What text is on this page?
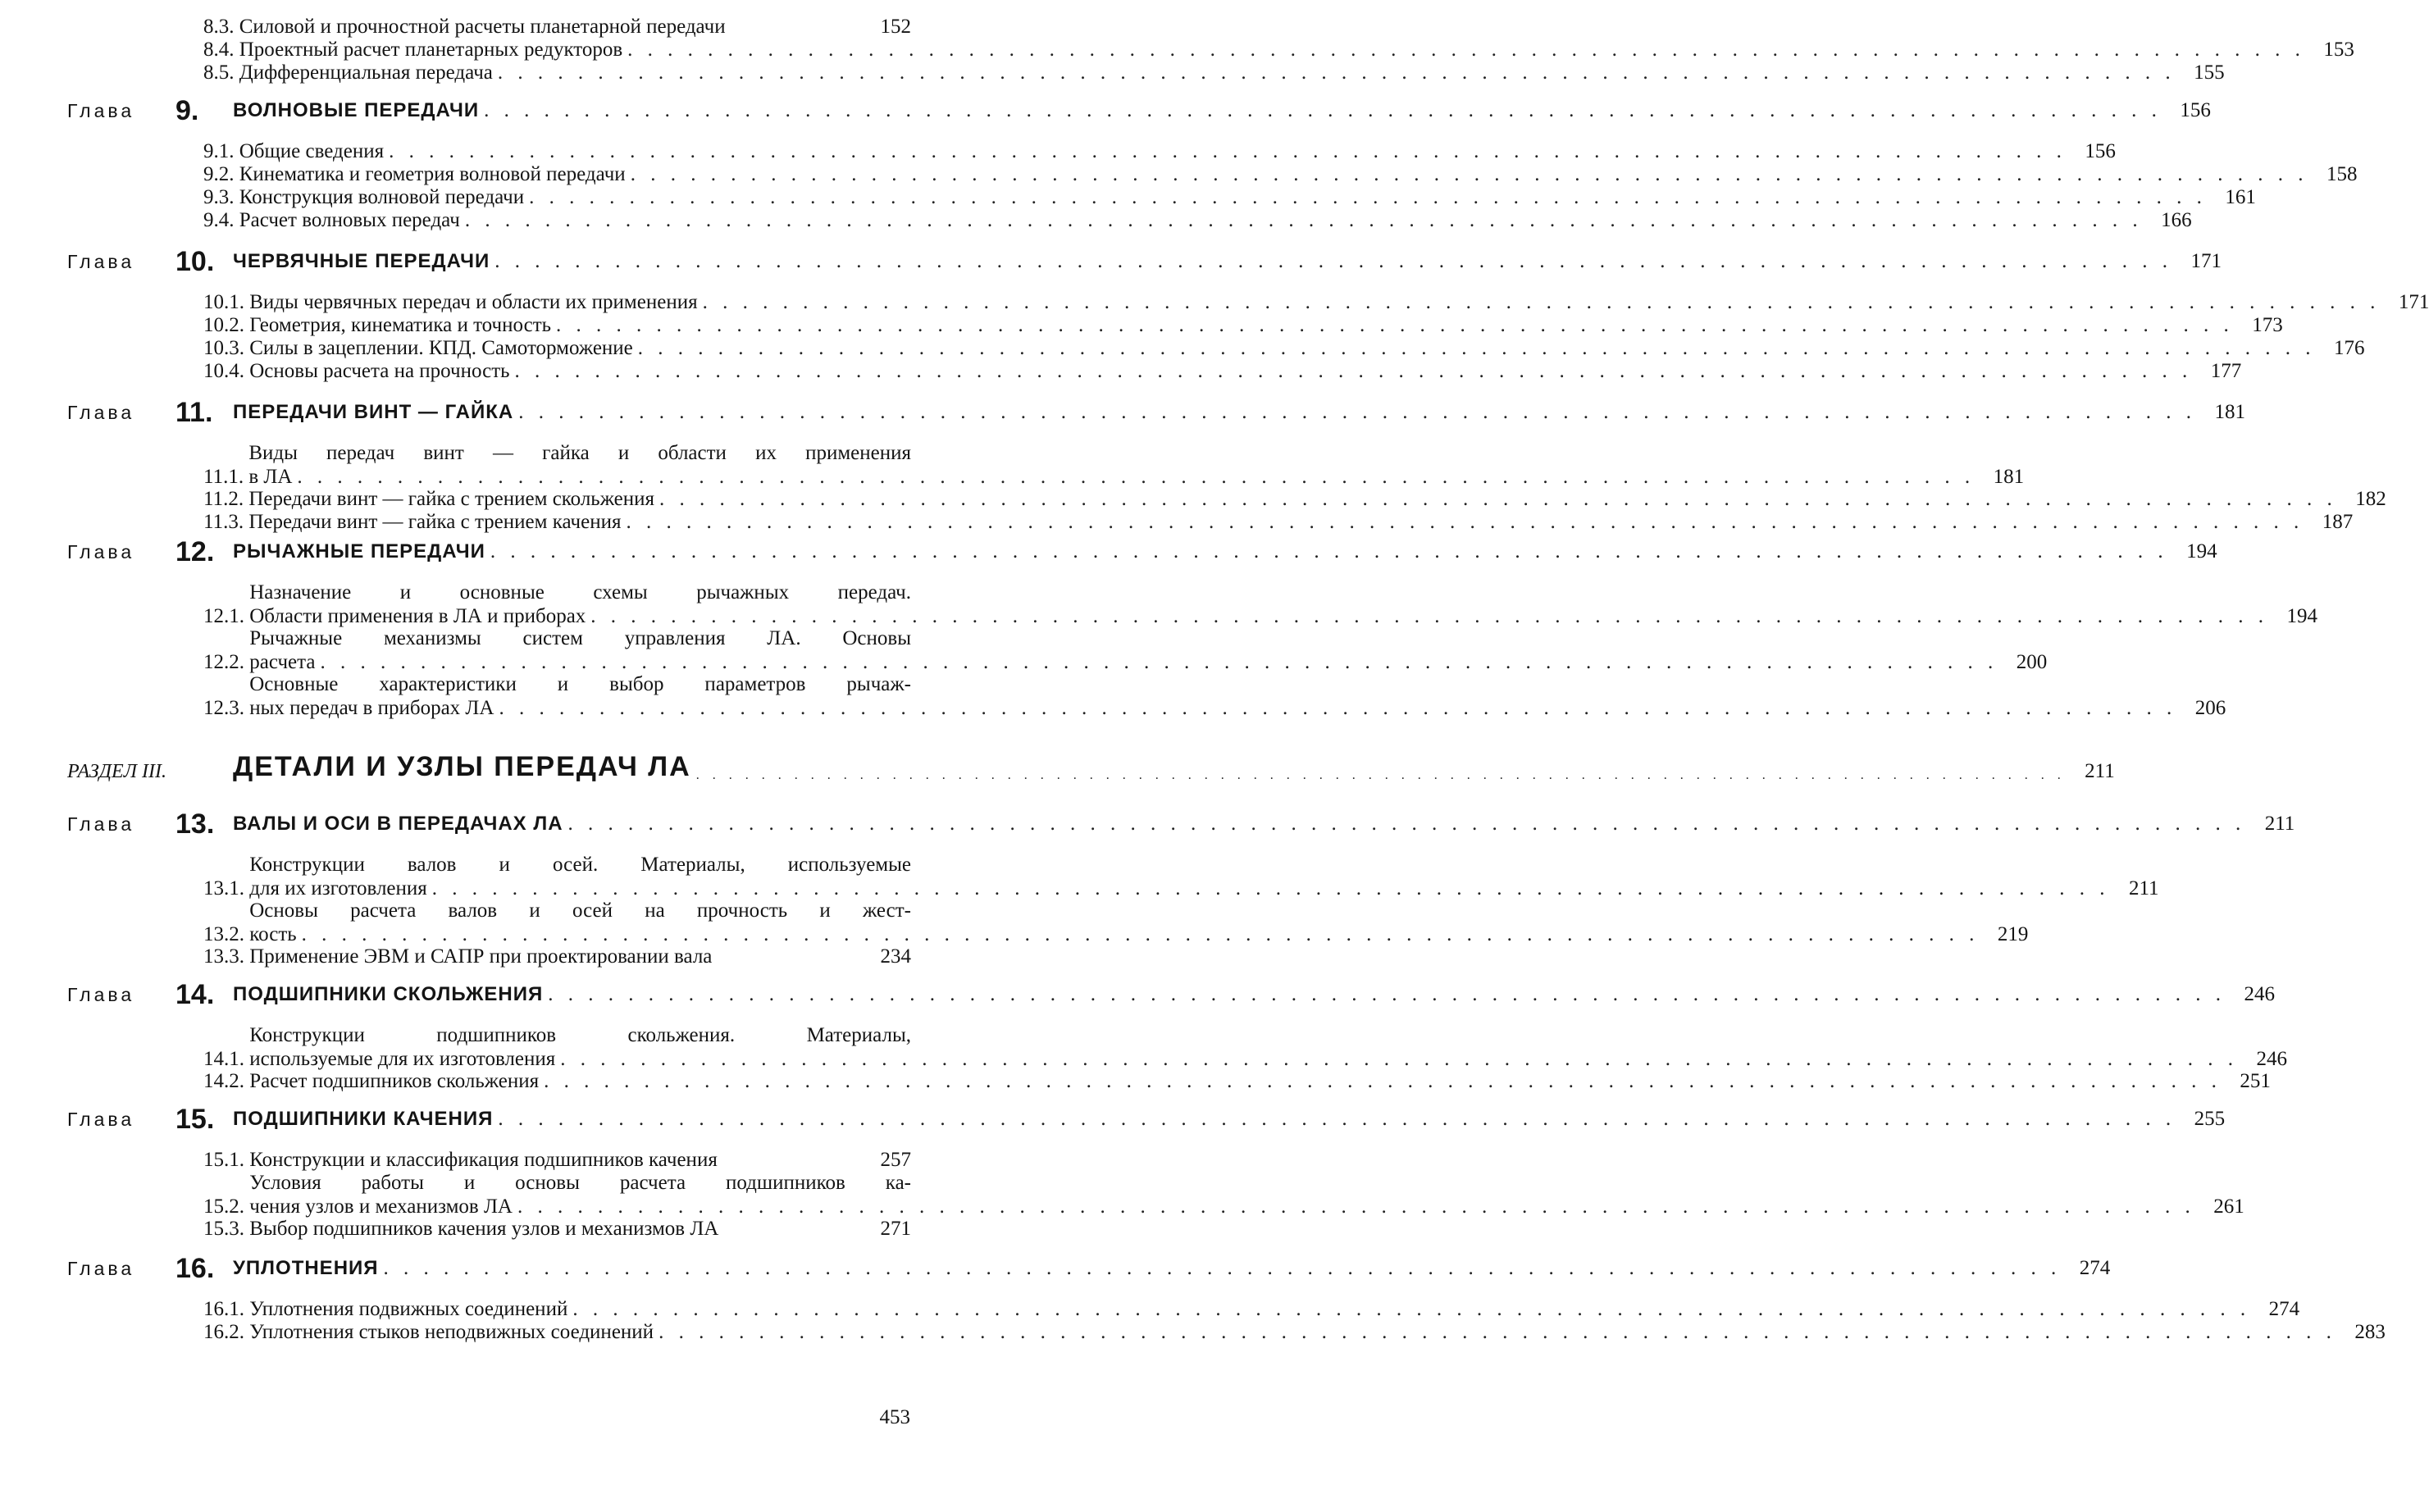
8.3. Силовой и прочностной расчеты планетарной передачи	152
8.4. Проектный расчет планетарных редукторов . . .	153
8.5. Дифференциальная передача . . .	155
Глава	9.	ВОЛНОВЫЕ ПЕРЕДАЧИ . . .	156
9.1. Общие сведения . . .	156
9.2. Кинематика и геометрия волновой передачи . . .	158
9.3. Конструкция волновой передачи . . .	161
9.4. Расчет волновых передач . . .	166
Глава	10. ЧЕРВЯЧНЫЕ ПЕРЕДАЧИ . . .	171
10.1. Виды червячных передач и области их применения . . .	171
10.2. Геометрия, кинематика и точность . . .	173
10.3. Силы в зацеплении. КПД. Самоторможение . . .	176
10.4. Основы расчета на прочность . . .	177
Глава	11.	ПЕРЕДАЧИ ВИНТ — ГАЙКА . . .	181
11.1.
Виды передач винт — гайка и области их применения
в ЛА . . .	181
11.2. Передачи винт — гайка с трением скольжения . . .	182
11.3. Передачи винт — гайка с трением качения . . .	187
Глава	12. РЫЧАЖНЫЕ ПЕРЕДАЧИ . . .	194
12.1.
Назначение и основные схемы рычажных передач.
Области применения в ЛА и приборах . . .	194
12.2.
Рычажные механизмы систем управления ЛА. Основы
расчета . . .	200
12.3.
Основные характеристики и выбор параметров рычаж-
ных передач в приборах ЛА . . .	206
РАЗДЕЛ III.	ДЕТАЛИ И УЗЛЫ ПЕРЕДАЧ ЛА . . .	211
Глава	13. ВАЛЫ И ОСИ В ПЕРЕДАЧАХ ЛА . . .	211
13.1.
Конструкции валов и осей. Материалы, используемые
для их изготовления . . .	211
13.2.
Основы расчета валов и осей на прочность и жест-
кость . . .	219
13.3. Применение ЭВМ и САПР при проектировании вала	234
Глава	14. ПОДШИПНИКИ СКОЛЬЖЕНИЯ . . .	246
14.1.
Конструкции подшипников скольжения. Материалы,
используемые для их изготовления . . .	246
14.2. Расчет подшипников скольжения . . .	251
Глава	15. ПОДШИПНИКИ КАЧЕНИЯ . . .	255
15.1. Конструкции и классификация подшипников качения	257
15.2.
Условия работы и основы расчета подшипников ка-
чения узлов и механизмов ЛА . . .	261
15.3. Выбор подшипников качения узлов и механизмов ЛА	271
Глава	16. УПЛОТНЕНИЯ . . .	274
16.1. Уплотнения подвижных соединений . . .	274
16.2. Уплотнения стыков неподвижных соединений . . .	283
453
